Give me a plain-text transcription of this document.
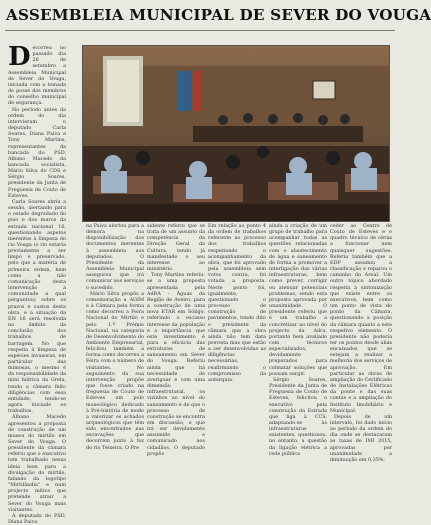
ASSEMBLEIA MUNICIPAL DE SEVER DO VOUGA
D ecorreu no passado dia 26 de setembro a Assembleia Municipal de Sever do Vouga, iniciada com a tomada de posse dos membros do conselho municipal de segurança.

No período antes da ordem do dia intervieram o deputado Carla Soares, Diana Paiva e Tony Martins, representantes da bancada do PSD, Albano Macedo da bancada socialista, Mário Silva do CDS e Sérgio Soares, presidente da Junta de Freguesia de Couto de Esteves.

Carla Soares abriu a sessão, alertando para o estado degradado do piso e dos muros da estrada nacional 16, questionando aspetos inerentes à limpeza do rio Vouga (o rio estaria previamente a ser limpo e preservado, pelo que a matéria de primeira ordem, bem como a não comunicação desta intervenção à comunidade a qual perguntou) sobre os prazos e custos desta obra, e a situação da EN 16 será resolvida no âmbito da conclusão dos trabalhos de barragem. No que respeita à limpeza de espécies invasoras, em particular das mimosas, o mesmo é da responsabilidade da mini hídrica da Grela, tendo a câmara feito diligências com essa entidade, tendo-se agora iniciado os trabalhos.

Albano Macedo apresentou a proposta de construção de um museu do mirtilo em Sever do Vouga. O presidente da câmara referiu que o executivo tem trabalhado nessa ideia bem para a divulgação do mirtilo, falando da logotipo "Mirtilândia" e num projecto mítico que pretende atrair a Sever do Vouga mais visitantes.

A deputada do PSD, Diana Paiva

na Paiva alertou para a demora na disponibilização dos documentos inerentes à assembleia aos deputados. O Presidente da Assembleia Municipal assegurou que irá comunicar aos serviços o sucedido.

Mário Silva propôs a comemoração a AGIM e à Câmara pela forma como decorreu a Feira Nacional do Mirtilo e pelo 1.º Prémio Nacional, na categoria de Desenvolvimento do Ambiente Empresarial, felicitou também a forma como decorreu a Feira com o número de visitantes. No seguimento da sua intervenção propõe que fosse criado na freguesia de Couto de Esteves um polo museológico dedicado à Pré-história de modo a valorizar os achados arqueológicos que têm sido encontrados nas escavações que decorrem junto à foz do rio Teixeira. O Pre

sidente referiu que se trata de um assunto da competência da Direção Geral da Cultura, tendo já manifestado o seu interesse ao ministério.

Tony Martins referiu-se a uma proposta apresentada pela AdRA - Águas da Região de Aveiro, para a construção de uma nova ETAR em Sóligo, referindo o escasso interesse da população e a importância que este investimento é para a eficácia das estruturas de saneamento em Sever do Vouga. Referiu ainda que há necessidade de averiguar e com uma dimensão infraestrutural, os vizinhos ao nível do saneamento e de que o processo de construção se encontra em discussão, o que irá ser devidamente assumido e comunicado aos cidadãos. O deputado propôs

Em relação ao ponto 4 da ordem de trabalhos referente ao processo dos trabalhos respeitando o acompanhamento da obra, que foi aprovado pela assembleia sem votos contra, foi votada a proposta. Neste ponto foi, igualmente, questionado o processo de construção de pavimentos, tendo dito o presidente da câmara que a obra ainda não tem data prevista mas que estão a ser desenvolvidas as diligências necessárias, reafirmando o compromisso da autarquia.

ainda a criação de um grupo de trabalho para acompanhar todas as questões relacionadas com o abastecimento de água e saneamento de forma a promover a interligação das várias infraestruturas, bem como prever, corrigir ou atenuar potenciais problemas, sendo esta proposta aprovada por unanimidade. O presidente referiu que é um trabalho a concretizar ao nível do projecto da Adra, portanto bem avaliado com técnicos especializados, devidamente preparados para colmatar soluções que possam surgir.

Sérgio Soares, Presidente da Junta de Freguesia de Couto de Esteves, felicitou o executivo pela construção da Estrada que liga à CCS, adaptando-se às infraestruturas existentes, questionou, no entanto, a questão da ligação elétrica a rede pública

ceder ao Centro de Couto de Esteves e o quadro técnico de obras a funcionar nem quaisquer sugestões. Referiu também que a EDP assumiu a classificação e reparou o caminho do Areal. Um outro tópico abordado respeita à sintonização que existe entre os executivos, bem como um ponto de vista do ponto da Câmara, questionando a posição da câmara quanto a este respetivo elemento. O presidente não poderia ter os pontos desde aliás encaixados que se estejam a realizar a melhoria dos serviços de aprovação. Em particular as obras de ampliação do Certificado de Instalações Elétricas da ponte e das suas contas e a ampliação do Instituto Imobiliário e Municipal.

Depois de um intervalo, foi dado início ao período da ordem do dia onde se destacaram as taxas de IMI 2015, aprovadas por unanimidade a diminuição em 0,35%.
